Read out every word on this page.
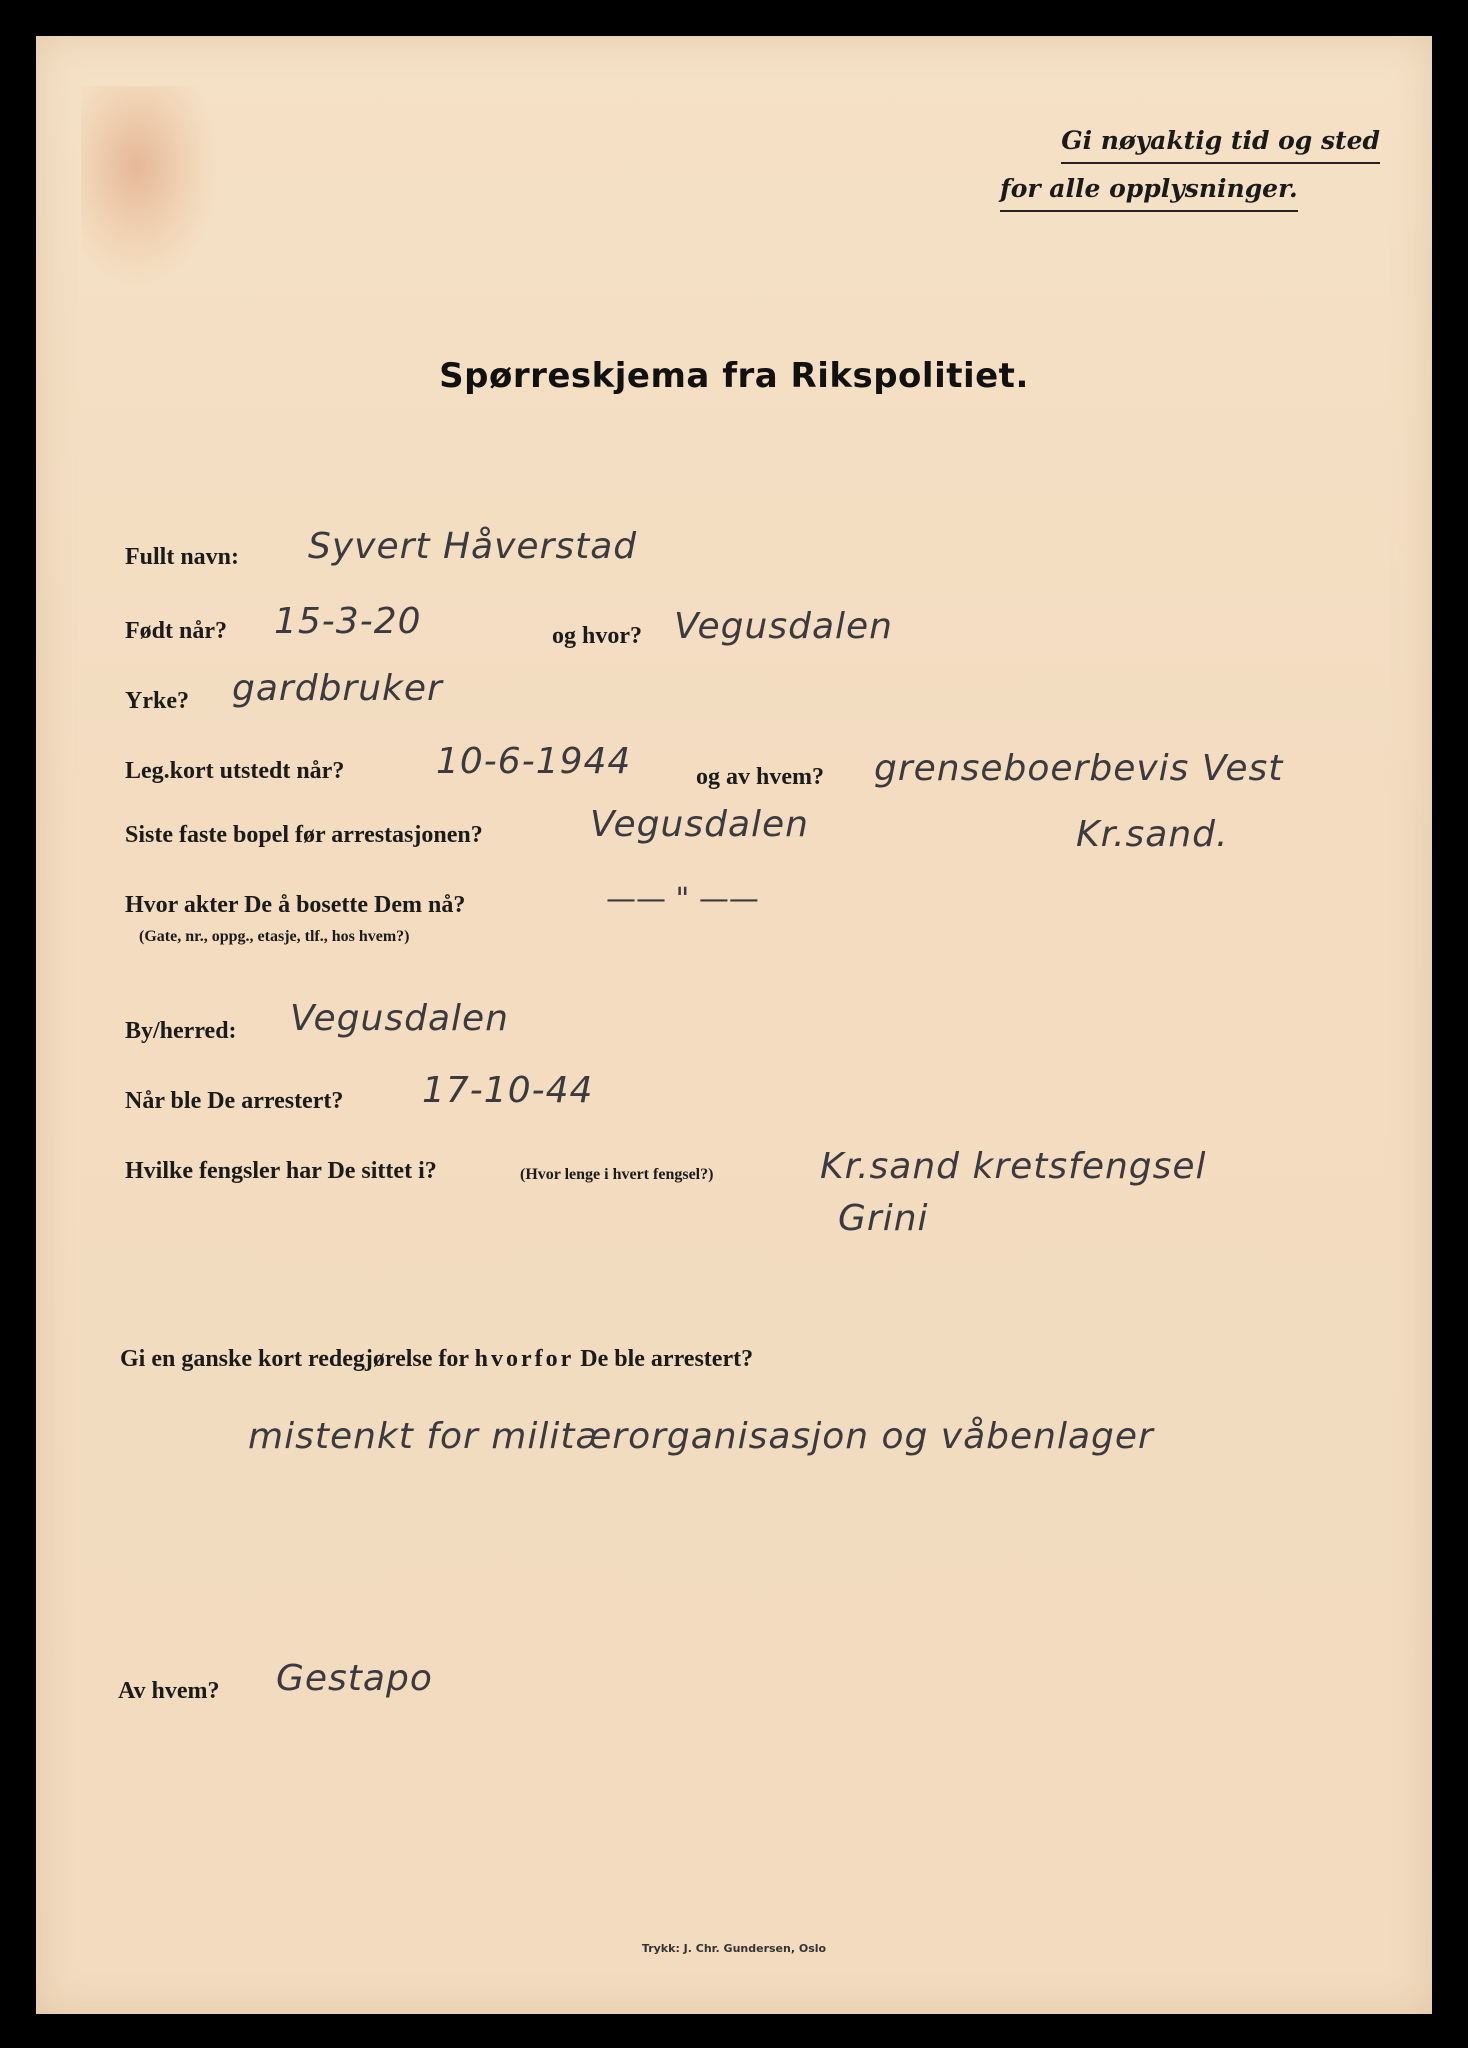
Gi nøyaktig tid og sted
for alle opplysninger.
Spørreskjema fra Rikspolitiet.
Fullt navn: Syvert Håverstad
Født når? 15-3-20	og hvor? Vegusdalen
Yrke? gardbruker
Leg.kort utstedt når?	10-6-1944	og av hvem? grenseboerbevis Vest
Siste faste bopel før arrestasjonen?	Vegusdalen	Kr.sand.
Hvor akter De å bosette Dem nå?
(Gate, nr., oppg., etasje, tlf., hos hvem?)
—— " ——
By/herred: Vegusdalen
Når ble De arrestert? 17-10-44
Hvilke fengsler har De sittet i?	(Hvor lenge i hvert fengsel?)	Kr.sand kretsfengsel
Grini
Gi en ganske kort redegjørelse for hvorfor De ble arrestert?
mistenkt for militærorganisasjon og våbenlager
Av hvem? Gestapo
Trykk: J. Chr. Gundersen, Oslo
